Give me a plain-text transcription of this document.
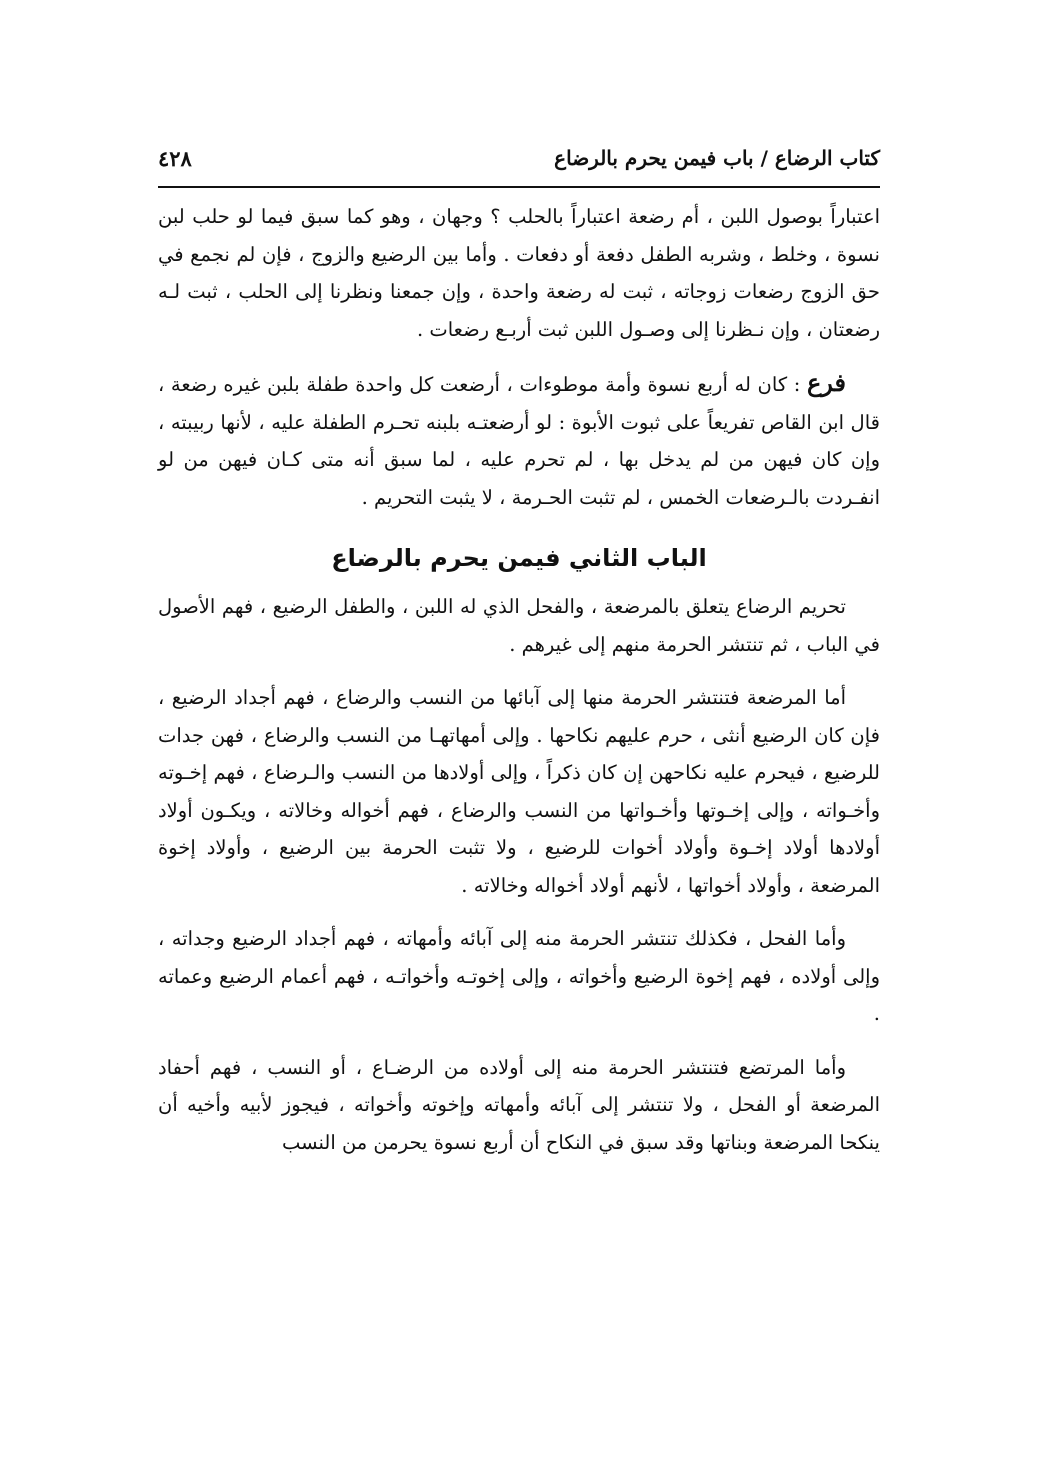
كتاب الرضاع / باب فيمن يحرم بالرضاع
٤٢٨

اعتباراً بوصول اللبن ، أم رضعة اعتباراً بالحلب ؟ وجهان ، وهو كما سبق فيما لو حلب لبن نسوة ، وخلط ، وشربه الطفل دفعة أو دفعات . وأما بين الرضيع والزوج ، فإن لم نجمع في حق الزوج رضعات زوجاته ، ثبت له رضعة واحدة ، وإن جمعنا ونظرنا إلى الحلب ، ثبت لـه رضعتان ، وإن نـظرنا إلى وصـول اللبن ثبت أربـع رضعات .

فرع : كان له أربع نسوة وأمة موطوءات ، أرضعت كل واحدة طفلة بلبن غيره رضعة ، قال ابن القاص تفريعاً على ثبوت الأبوة : لو أرضعتـه بلبنه تحـرم الطفلة عليه ، لأنها ربيبته ، وإن كان فيهن من لم يدخل بها ، لم تحرم عليه ، لما سبق أنه متى كـان فيهن من لو انفـردت بالـرضعات الخمس ، لم تثبت الحـرمة ، لا يثبت التحريم .

الباب الثاني فيمن يحرم بالرضاع

تحريم الرضاع يتعلق بالمرضعة ، والفحل الذي له اللبن ، والطفل الرضيع ، فهم الأصول في الباب ، ثم تنتشر الحرمة منهم إلى غيرهم .

أما المرضعة فتنتشر الحرمة منها إلى آبائها من النسب والرضاع ، فهم أجداد الرضيع ، فإن كان الرضيع أنثى ، حرم عليهم نكاحها . وإلى أمهاتهـا من النسب والرضاع ، فهن جدات للرضيع ، فيحرم عليه نكاحهن إن كان ذكراً ، وإلى أولادها من النسب والـرضاع ، فهم إخـوته وأخـواته ، وإلى إخـوتها وأخـواتها من النسب والرضاع ، فهم أخواله وخالاته ، ويكـون أولاد أولادها أولاد إخـوة وأولاد أخوات للرضيع ، ولا تثبت الحرمة بين الرضيع ، وأولاد إخوة المرضعة ، وأولاد أخواتها ، لأنهم أولاد أخواله وخالاته .

وأما الفحل ، فكذلك تنتشر الحرمة منه إلى آبائه وأمهاته ، فهم أجداد الرضيع وجداته ، وإلى أولاده ، فهم إخوة الرضيع وأخواته ، وإلى إخوتـه وأخواتـه ، فهم أعمام الرضيع وعماته .

وأما المرتضع فتنتشر الحرمة منه إلى أولاده من الرضـاع ، أو النسب ، فهم أحفاد المرضعة أو الفحل ، ولا تنتشر إلى آبائه وأمهاته وإخوته وأخواته ، فيجوز لأبيه وأخيه أن ينكحا المرضعة وبناتها وقد سبق في النكاح أن أربع نسوة يحرمن من النسب
